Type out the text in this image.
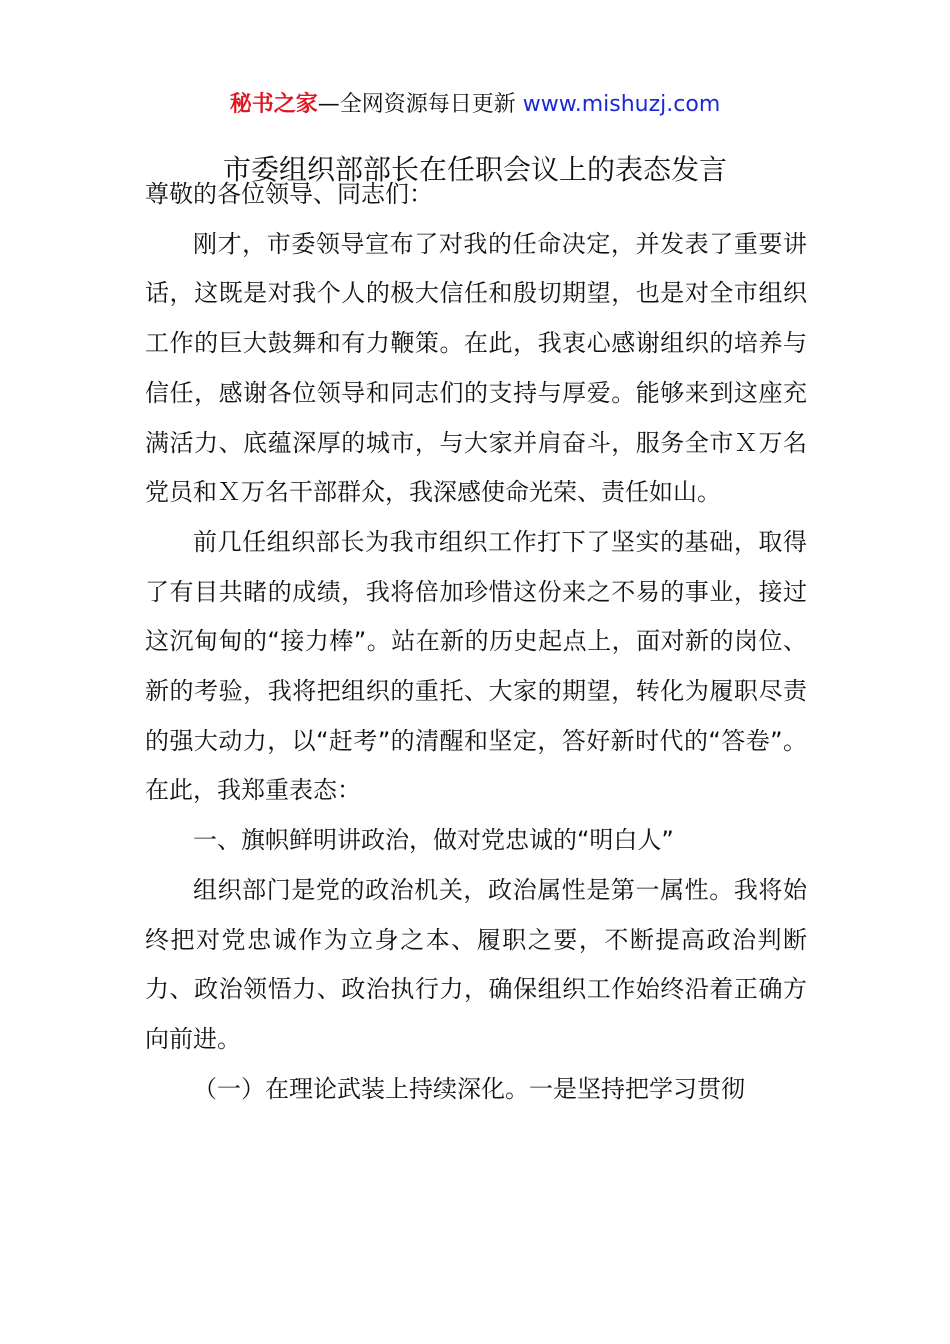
秘书之家—全网资源每日更新 www.mishuzj.com
市委组织部部长在任职会议上的表态发言

尊敬的各位领导、同志们：

刚才，市委领导宣布了对我的任命决定，并发表了重要讲话，这既是对我个人的极大信任和殷切期望，也是对全市组织工作的巨大鼓舞和有力鞭策。在此，我衷心感谢组织的培养与信任，感谢各位领导和同志们的支持与厚爱。能够来到这座充满活力、底蕴深厚的城市，与大家并肩奋斗，服务全市Ｘ万名党员和Ｘ万名干部群众，我深感使命光荣、责任如山。

前几任组织部长为我市组织工作打下了坚实的基础，取得了有目共睹的成绩，我将倍加珍惜这份来之不易的事业，接过这沉甸甸的“接力棒”。站在新的历史起点上，面对新的岗位、新的考验，我将把组织的重托、大家的期望，转化为履职尽责的强大动力，以“赶考”的清醒和坚定，答好新时代的“答卷”。在此，我郑重表态：

一、旗帜鲜明讲政治，做对党忠诚的“明白人”

组织部门是党的政治机关，政治属性是第一属性。我将始终把对党忠诚作为立身之本、履职之要，不断提高政治判断力、政治领悟力、政治执行力，确保组织工作始终沿着正确方向前进。

（一）在理论武装上持续深化。一是坚持把学习贯彻
